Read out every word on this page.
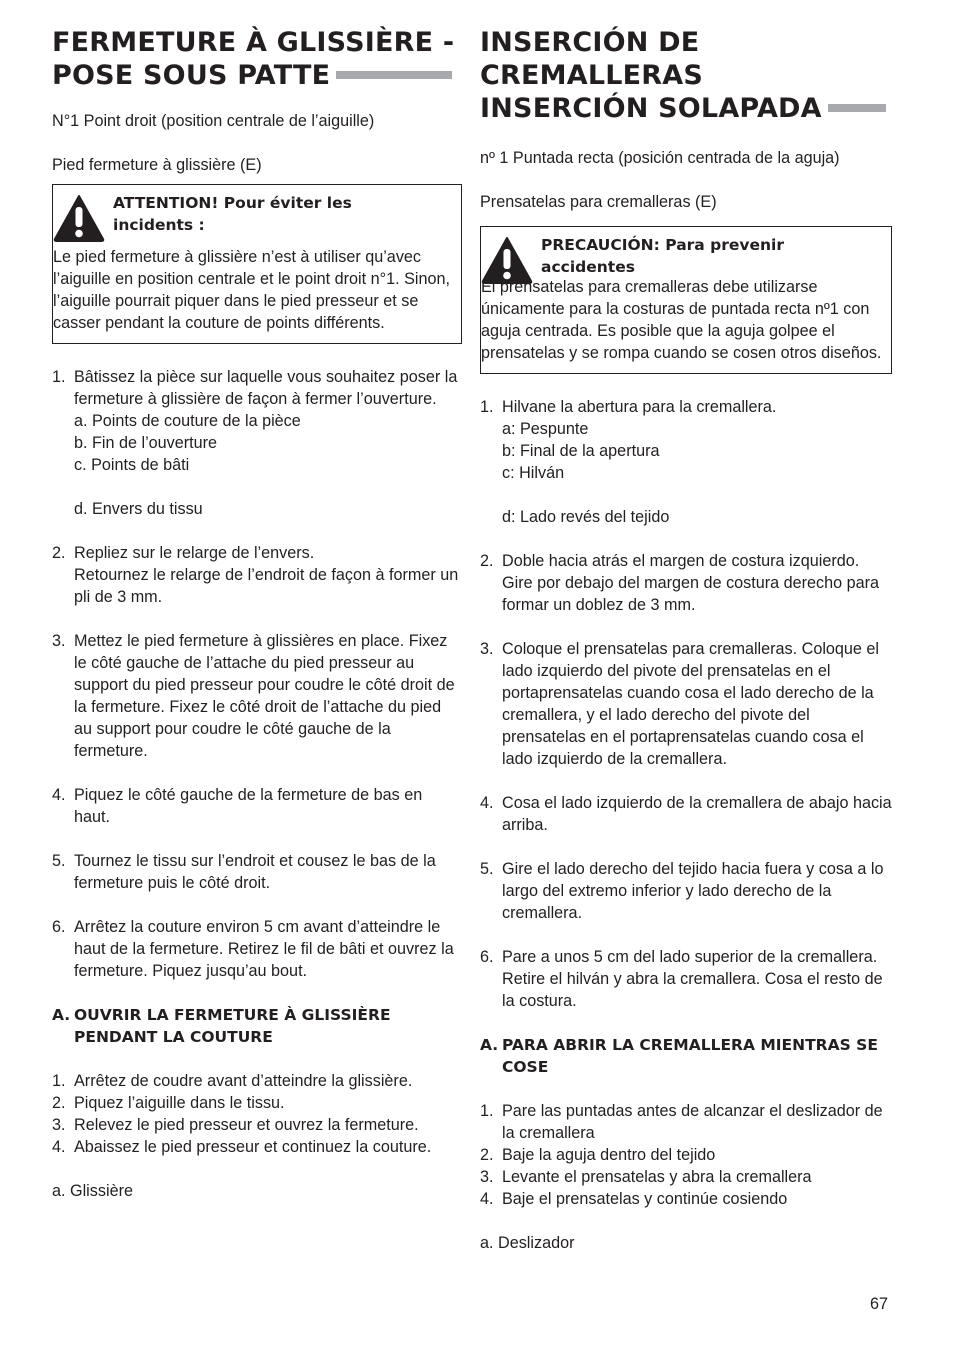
FERMETURE À GLISSIÈRE -
POSE SOUS PATTE

N°1 Point droit (position centrale de l’aiguille)

Pied fermeture à glissière (E)

ATTENTION! Pour éviter les
incidents :

Le pied fermeture à glissière n’est à utiliser qu’avec l’aiguille en position centrale et le point droit n°1. Sinon, l’aiguille pourrait piquer dans le pied presseur et se casser pendant la couture de points différents.

1. Bâtissez la pièce sur laquelle vous souhaitez poser la fermeture à glissière de façon à fermer l’ouverture.
a. Points de couture de la pièce
b. Fin de l’ouverture
c. Points de bâti
d. Envers du tissu
2. Repliez sur le relarge de l’envers.
Retournez le relarge de l’endroit de façon à former un pli de 3 mm.
3. Mettez le pied fermeture à glissières en place. Fixez le côté gauche de l’attache du pied presseur au support du pied presseur pour coudre le côté droit de la fermeture. Fixez le côté droit de l’attache du pied au support pour coudre le côté gauche de la fermeture.
4. Piquez le côté gauche de la fermeture de bas en haut.
5. Tournez le tissu sur l’endroit et cousez le bas de la fermeture puis le côté droit.
6. Arrêtez la couture environ 5 cm avant d’atteindre le haut de la fermeture. Retirez le fil de bâti et ouvrez la fermeture. Piquez jusqu’au bout.
A. OUVRIR LA FERMETURE À GLISSIÈRE PENDANT LA COUTURE
1. Arrêtez de coudre avant d’atteindre la glissière.
2. Piquez l’aiguille dans le tissu.
3. Relevez le pied presseur et ouvrez la fermeture.
4. Abaissez le pied presseur et continuez la couture.

a. Glissière

INSERCIÓN DE
CREMALLERAS
INSERCIÓN SOLAPADA

nº 1 Puntada recta (posición centrada de la aguja)

Prensatelas para cremalleras (E)

PRECAUCIÓN: Para prevenir
accidentes

El prensatelas para cremalleras debe utilizarse únicamente para la costuras de puntada recta nº1 con aguja centrada. Es posible que la aguja golpee el prensatelas y se rompa cuando se cosen otros diseños.

1. Hilvane la abertura para la cremallera.
a: Pespunte
b: Final de la apertura
c: Hilván
d: Lado revés del tejido
2. Doble hacia atrás el margen de costura izquierdo.
Gire por debajo del margen de costura derecho para formar un doblez de 3 mm.
3. Coloque el prensatelas para cremalleras. Coloque el lado izquierdo del pivote del prensatelas en el portaprensatelas cuando cosa el lado derecho de la cremallera, y el lado derecho del pivote del prensatelas en el portaprensatelas cuando cosa el lado izquierdo de la cremallera.
4. Cosa el lado izquierdo de la cremallera de abajo hacia arriba.
5. Gire el lado derecho del tejido hacia fuera y cosa a lo largo del extremo inferior y lado derecho de la cremallera.
6. Pare a unos 5 cm del lado superior de la cremallera. Retire el hilván y abra la cremallera. Cosa el resto de la costura.
A. PARA ABRIR LA CREMALLERA MIENTRAS SE COSE
1. Pare las puntadas antes de alcanzar el deslizador de la cremallera
2. Baje la aguja dentro del tejido
3. Levante el prensatelas y abra la cremallera
4. Baje el prensatelas y continúe cosiendo

a. Deslizador

67
